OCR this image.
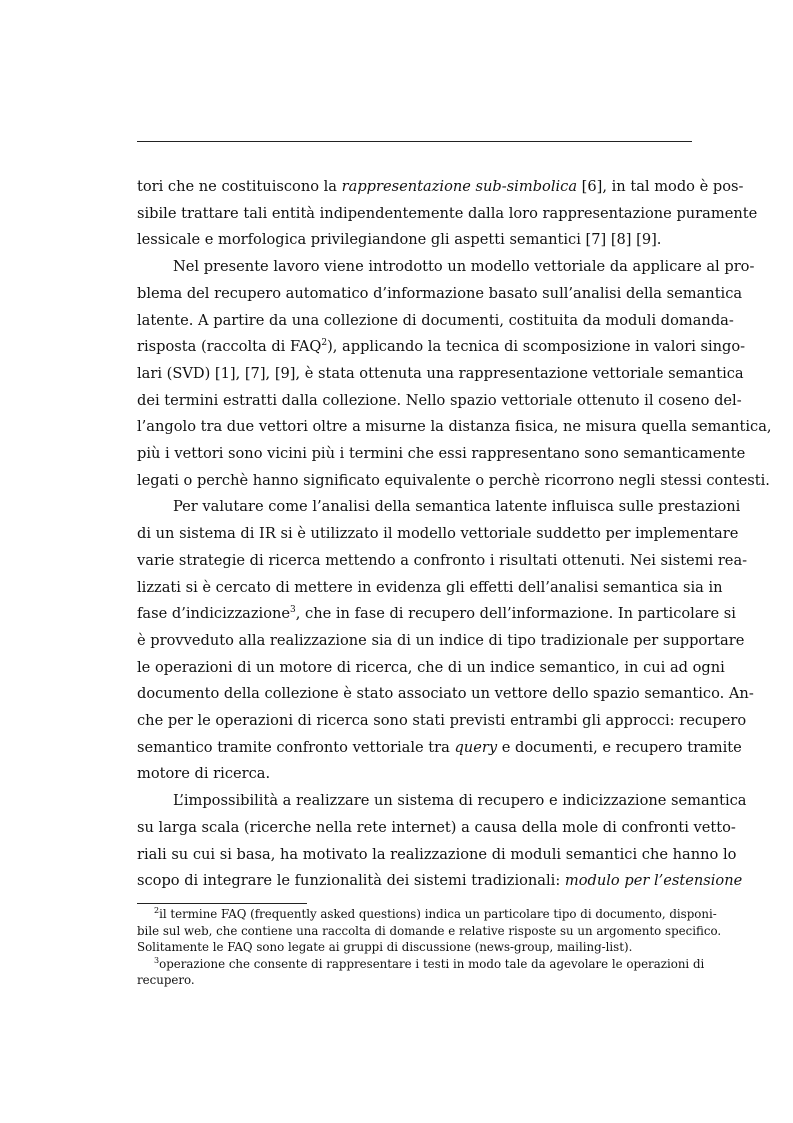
tori che ne costituiscono la rappresentazione sub-simbolica [6], in tal modo è pos-
sibile trattare tali entità indipendentemente dalla loro rappresentazione puramente
lessicale e morfologica privilegiandone gli aspetti semantici [7] [8] [9].
Nel presente lavoro viene introdotto un modello vettoriale da applicare al pro-
blema del recupero automatico d’informazione basato sull’analisi della semantica
latente. A partire da una collezione di documenti, costituita da moduli domanda-
risposta (raccolta di FAQ$^2$), applicando la tecnica di scomposizione in valori singo-
lari (SVD) [1], [7], [9], è stata ottenuta una rappresentazione vettoriale semantica
dei termini estratti dalla collezione. Nello spazio vettoriale ottenuto il coseno del-
l’angolo tra due vettori oltre a misurne la distanza fisica, ne misura quella semantica,
più i vettori sono vicini più i termini che essi rappresentano sono semanticamente
legati o perchè hanno significato equivalente o perchè ricorrono negli stessi contesti.
Per valutare come l’analisi della semantica latente influisca sulle prestazioni
di un sistema di IR si è utilizzato il modello vettoriale suddetto per implementare
varie strategie di ricerca mettendo a confronto i risultati ottenuti. Nei sistemi rea-
lizzati si è cercato di mettere in evidenza gli effetti dell’analisi semantica sia in
fase d’indicizzazione$^3$, che in fase di recupero dell’informazione. In particolare si
è provveduto alla realizzazione sia di un indice di tipo tradizionale per supportare
le operazioni di un motore di ricerca, che di un indice semantico, in cui ad ogni
documento della collezione è stato associato un vettore dello spazio semantico. An-
che per le operazioni di ricerca sono stati previsti entrambi gli approcci: recupero
semantico tramite confronto vettoriale tra query e documenti, e recupero tramite
motore di ricerca.
L’impossibilità a realizzare un sistema di recupero e indicizzazione semantica
su larga scala (ricerche nella rete internet) a causa della mole di confronti vetto-
riali su cui si basa, ha motivato la realizzazione di moduli semantici che hanno lo
scopo di integrare le funzionalità dei sistemi tradizionali: modulo per l’estensione
$^2$il termine FAQ (frequently asked questions) indica un particolare tipo di documento, disponi-
bile sul web, che contiene una raccolta di domande e relative risposte su un argomento specifico.
Solitamente le FAQ sono legate ai gruppi di discussione (news-group, mailing-list).
$^3$operazione che consente di rappresentare i testi in modo tale da agevolare le operazioni di
recupero.
